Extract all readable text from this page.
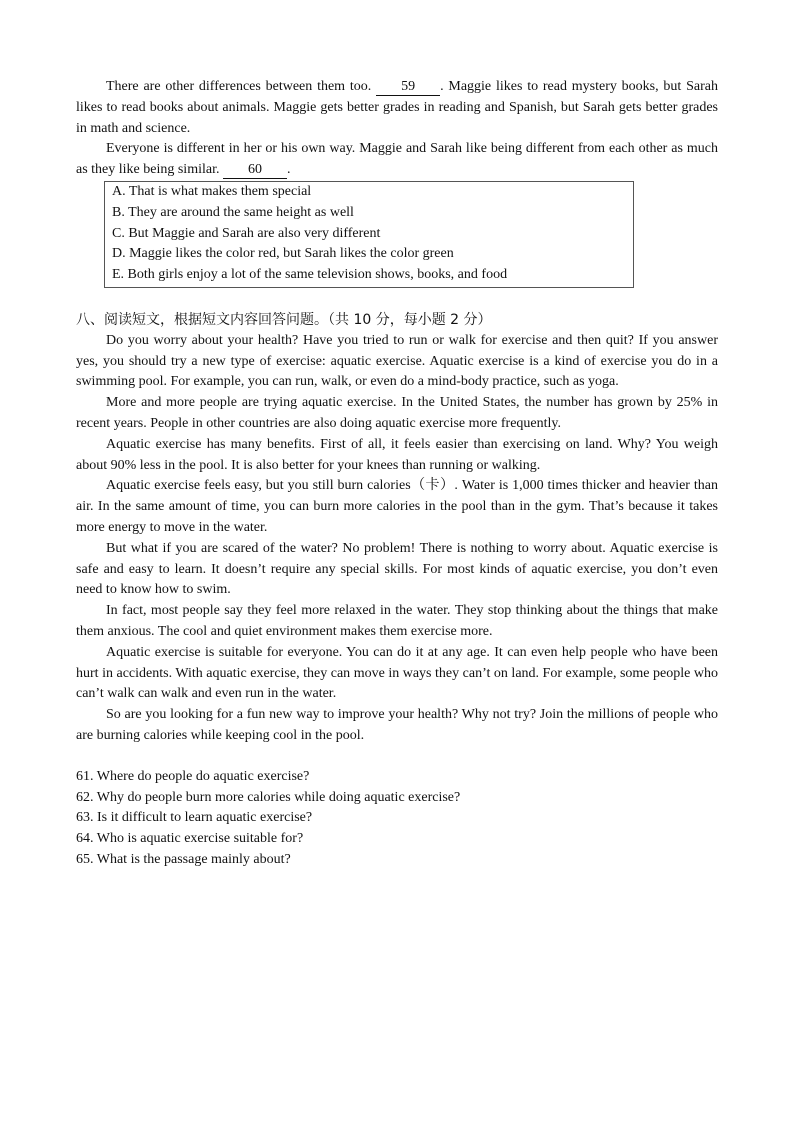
There are other differences between them too. 59 . Maggie likes to read mystery books, but Sarah likes to read books about animals. Maggie gets better grades in reading and Spanish, but Sarah gets better grades in math and science.

Everyone is different in her or his own way. Maggie and Sarah like being different from each other as much as they like being similar. 60 .

A. That is what makes them special
B. They are around the same height as well
C. But Maggie and Sarah are also very different
D. Maggie likes the color red, but Sarah likes the color green
E. Both girls enjoy a lot of the same television shows, books, and food
八、阅读短文，根据短文内容回答问题。（共 10 分，每小题 2 分）

Do you worry about your health? Have you tried to run or walk for exercise and then quit? If you answer yes, you should try a new type of exercise: aquatic exercise. Aquatic exercise is a kind of exercise you do in a swimming pool. For example, you can run, walk, or even do a mind-body practice, such as yoga.

More and more people are trying aquatic exercise. In the United States, the number has grown by 25% in recent years. People in other countries are also doing aquatic exercise more frequently.

Aquatic exercise has many benefits. First of all, it feels easier than exercising on land. Why? You weigh about 90% less in the pool. It is also better for your knees than running or walking.

Aquatic exercise feels easy, but you still burn calories（卡）. Water is 1,000 times thicker and heavier than air. In the same amount of time, you can burn more calories in the pool than in the gym. That’s because it takes more energy to move in the water.

But what if you are scared of the water? No problem! There is nothing to worry about. Aquatic exercise is safe and easy to learn. It doesn’t require any special skills. For most kinds of aquatic exercise, you don’t even need to know how to swim.

In fact, most people say they feel more relaxed in the water. They stop thinking about the things that make them anxious. The cool and quiet environment makes them exercise more.

Aquatic exercise is suitable for everyone. You can do it at any age. It can even help people who have been hurt in accidents. With aquatic exercise, they can move in ways they can’t on land. For example, some people who can’t walk can walk and even run in the water.

So are you looking for a fun new way to improve your health? Why not try? Join the millions of people who are burning calories while keeping cool in the pool.

61. Where do people do aquatic exercise?
62. Why do people burn more calories while doing aquatic exercise?
63. Is it difficult to learn aquatic exercise?
64. Who is aquatic exercise suitable for?
65. What is the passage mainly about?
